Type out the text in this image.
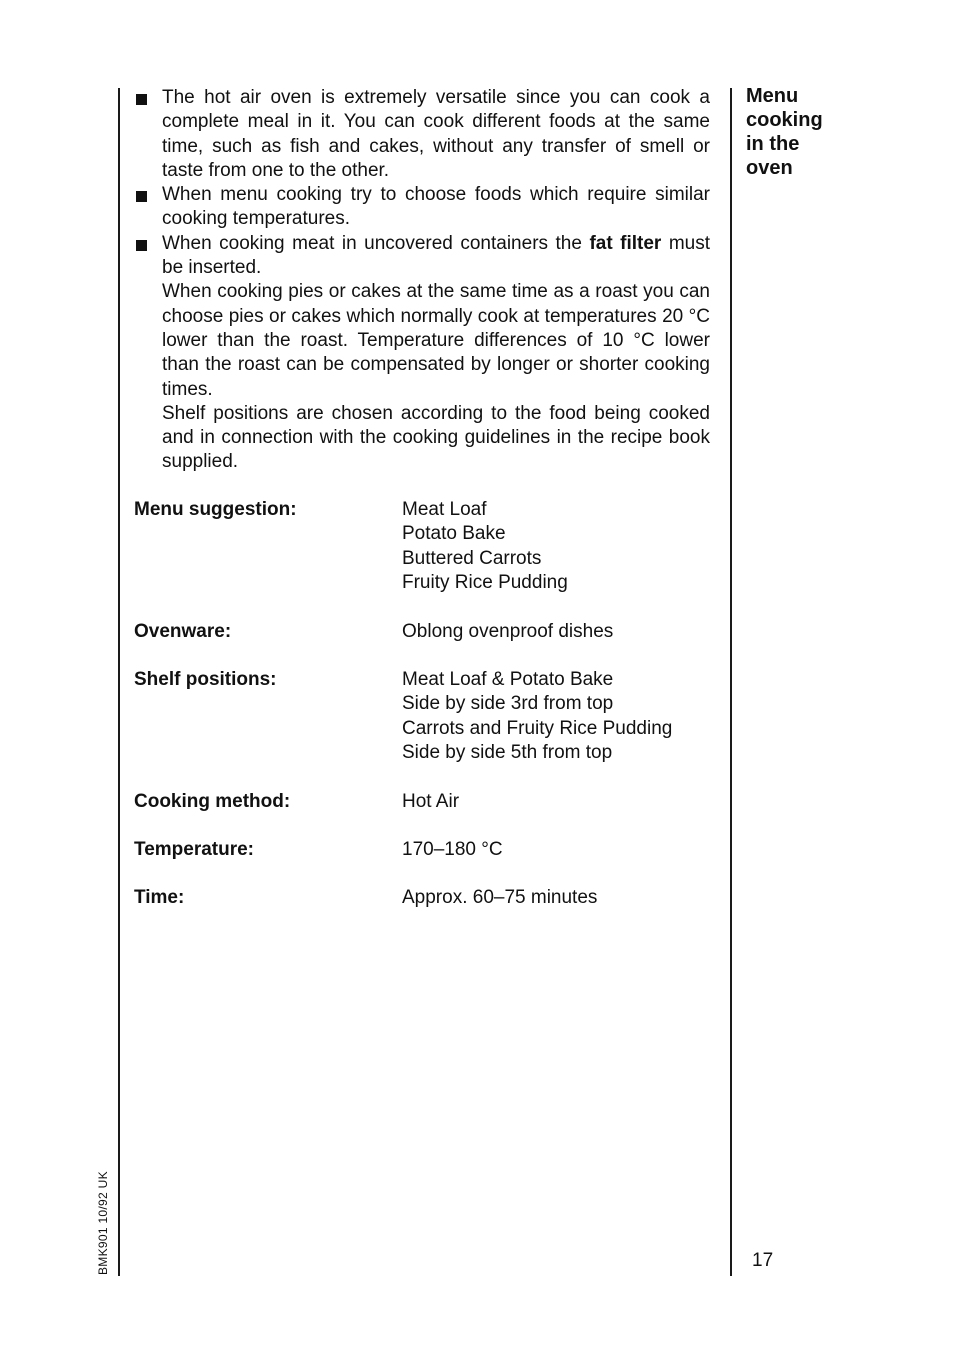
Menu
cooking
in the
oven
The hot air oven is extremely versatile since you can cook a complete meal in it. You can cook different foods at the same time, such as fish and cakes, without any transfer of smell or taste from one to the other.
When menu cooking try to choose foods which require similar cooking temperatures.
When cooking meat in uncovered containers the fat filter must be inserted.
When cooking pies or cakes at the same time as a roast you can choose pies or cakes which normally cook at temperatures 20 °C lower than the roast. Temperature differences of 10 °C lower than the roast can be compensated by longer or shorter cooking times.
Shelf positions are chosen according to the food being cooked and in connection with the cooking guidelines in the recipe book supplied.
Menu suggestion:	Meat Loaf
Potato Bake
Buttered Carrots
Fruity Rice Pudding
Ovenware:	Oblong ovenproof dishes
Shelf positions:	Meat Loaf & Potato Bake
Side by side 3rd from top
Carrots and Fruity Rice Pudding
Side by side 5th from top
Cooking method:	Hot Air
Temperature:	170–180 °C
Time:	Approx. 60–75 minutes
17
BMK901 10/92 UK
